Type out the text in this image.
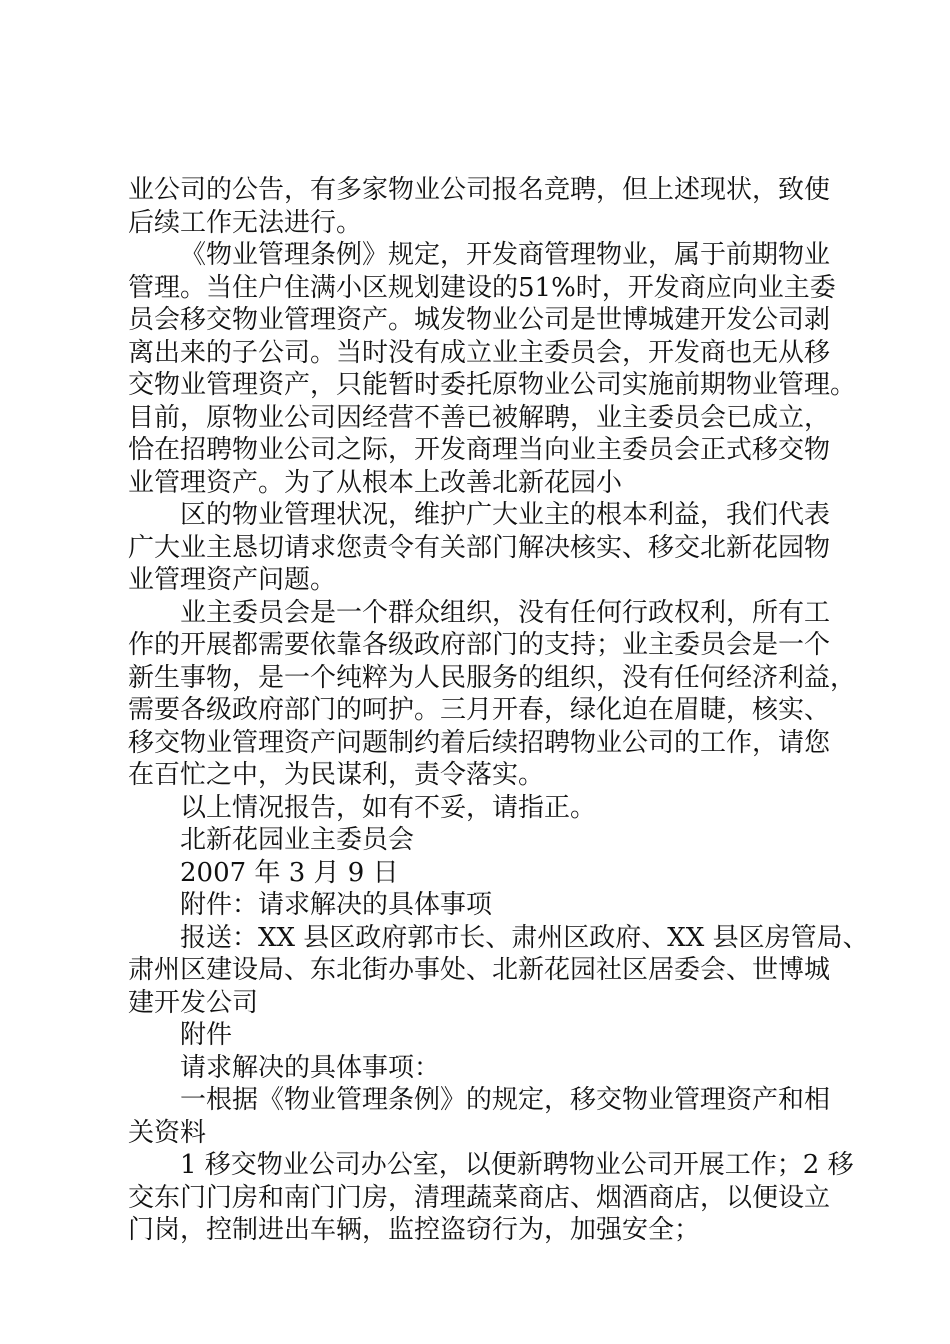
业公司的公告，有多家物业公司报名竞聘，但上述现状，致使
后续工作无法进行。

《物业管理条例》规定，开发商管理物业，属于前期物业
管理。当住户住满小区规划建设的51%时，开发商应向业主委
员会移交物业管理资产。城发物业公司是世博城建开发公司剥
离出来的子公司。当时没有成立业主委员会，开发商也无从移
交物业管理资产，只能暂时委托原物业公司实施前期物业管理。
目前，原物业公司因经营不善已被解聘，业主委员会已成立，
恰在招聘物业公司之际，开发商理当向业主委员会正式移交物
业管理资产。为了从根本上改善北新花园小

区的物业管理状况，维护广大业主的根本利益，我们代表
广大业主恳切请求您责令有关部门解决核实、移交北新花园物
业管理资产问题。

业主委员会是一个群众组织，没有任何行政权利，所有工
作的开展都需要依靠各级政府部门的支持；业主委员会是一个
新生事物，是一个纯粹为人民服务的组织，没有任何经济利益，
需要各级政府部门的呵护。三月开春，绿化迫在眉睫，核实、
移交物业管理资产问题制约着后续招聘物业公司的工作，请您
在百忙之中，为民谋利，责令落实。

以上情况报告，如有不妥，请指正。

北新花园业主委员会

2007 年 3 月 9 日

附件：请求解决的具体事项

报送：XX 县区政府郭市长、肃州区政府、XX 县区房管局、
肃州区建设局、东北街办事处、北新花园社区居委会、世博城
建开发公司

附件

请求解决的具体事项：

一根据《物业管理条例》的规定，移交物业管理资产和相
关资料

1 移交物业公司办公室，以便新聘物业公司开展工作；2 移
交东门门房和南门门房，清理蔬菜商店、烟酒商店，以便设立
门岗，控制进出车辆，监控盗窃行为，加强安全；
